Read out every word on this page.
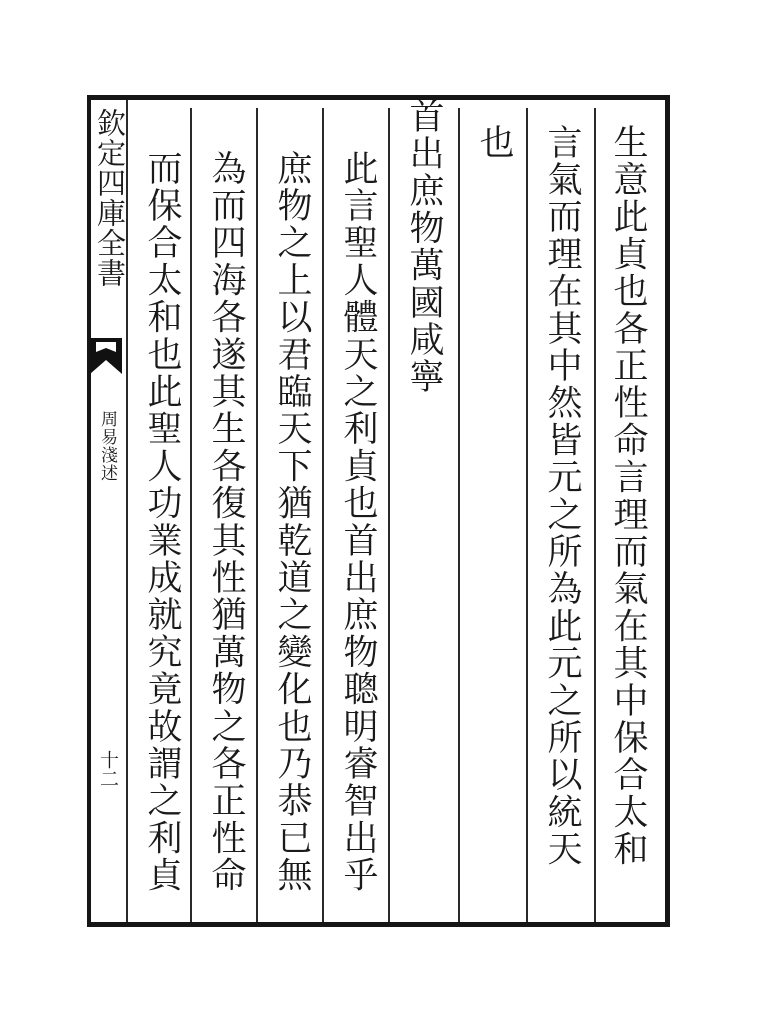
欽定四庫全書
周易淺述
十二	生意此貞也各正性命言理而氣在其中保合太和
言氣而理在其中然皆元之所為此元之所以統天
也
首出庶物萬國咸寧
此言聖人體天之利貞也首出庶物聰明睿智出乎
庶物之上以君臨天下猶乾道之變化也乃恭已無
為而四海各遂其生各復其性猶萬物之各正性命
而保合太和也此聖人功業成就究竟故謂之利貞
